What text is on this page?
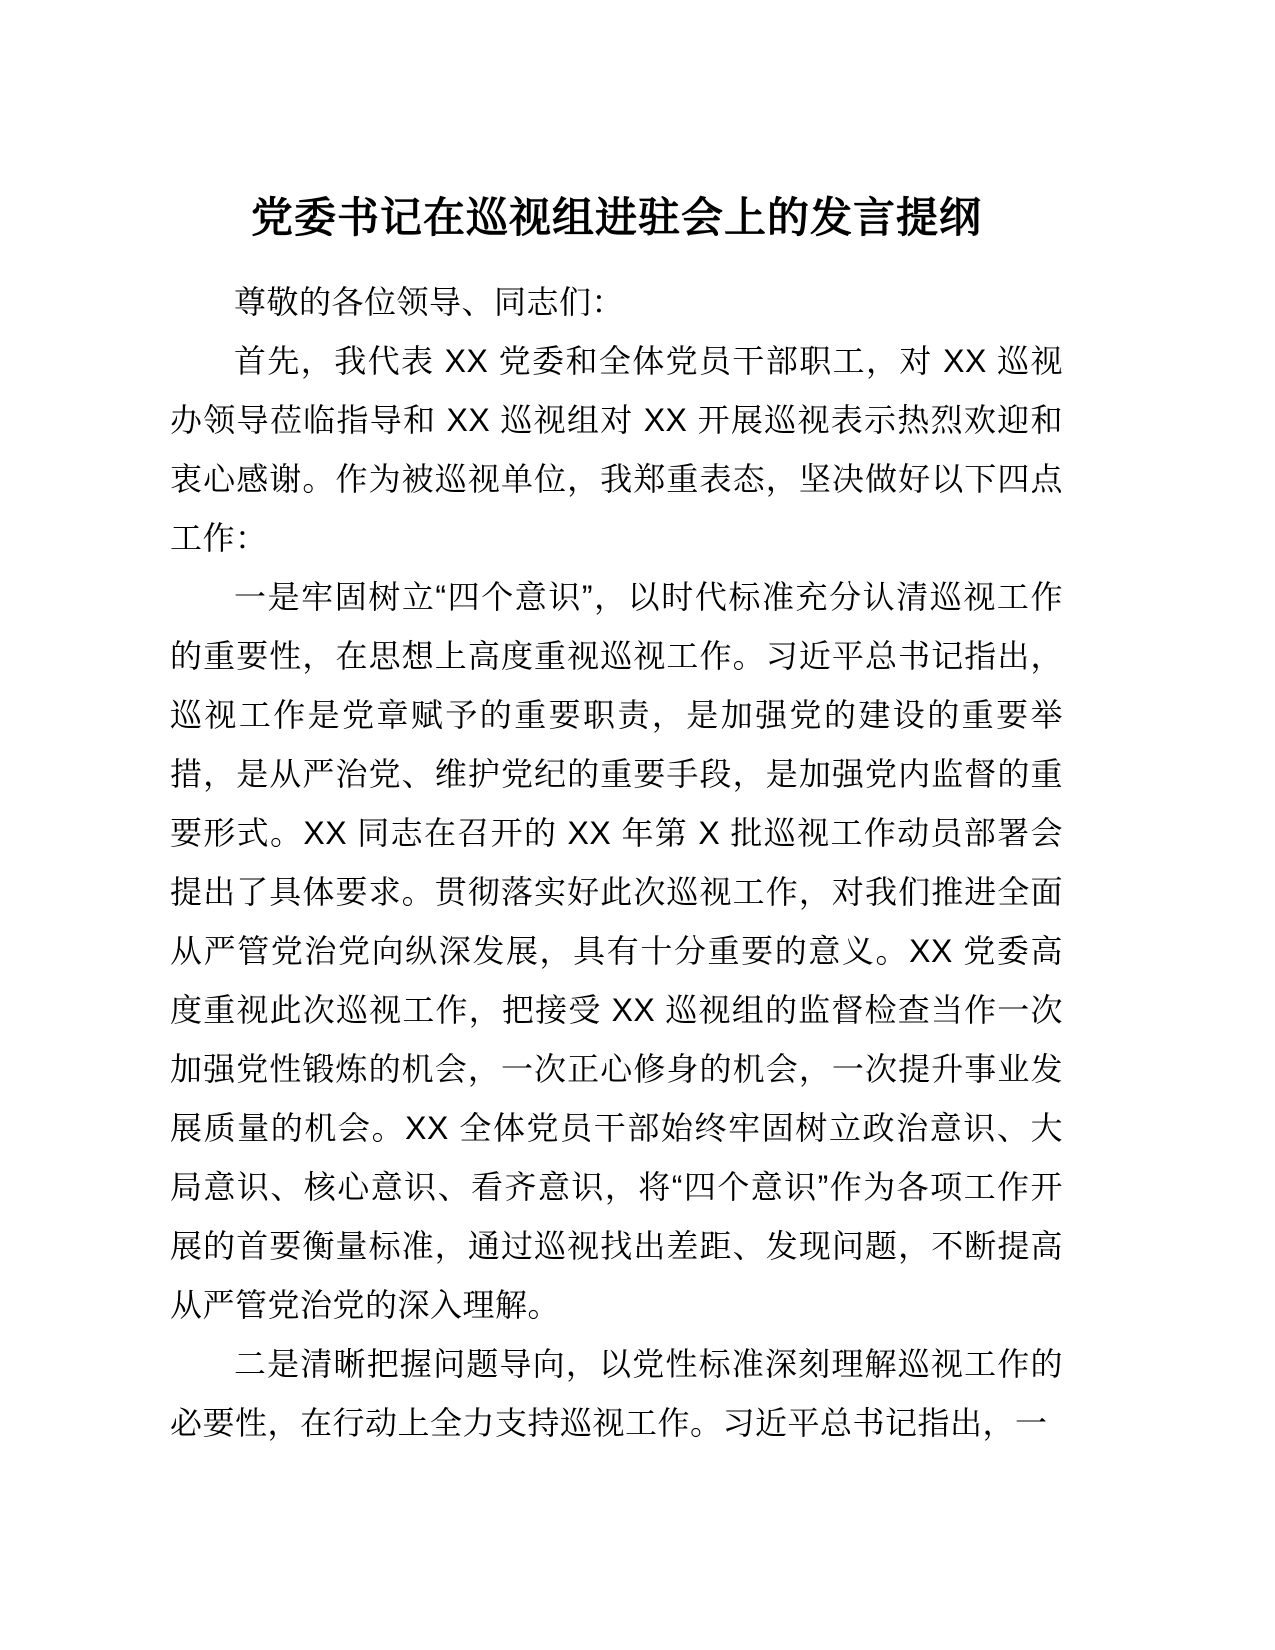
党委书记在巡视组进驻会上的发言提纲

尊敬的各位领导、同志们：

首先，我代表 XX 党委和全体党员干部职工，对 XX 巡视办领导莅临指导和 XX 巡视组对 XX 开展巡视表示热烈欢迎和衷心感谢。作为被巡视单位，我郑重表态，坚决做好以下四点工作：

一是牢固树立“四个意识”，以时代标准充分认清巡视工作的重要性，在思想上高度重视巡视工作。习近平总书记指出，巡视工作是党章赋予的重要职责，是加强党的建设的重要举措，是从严治党、维护党纪的重要手段，是加强党内监督的重要形式。XX 同志在召开的 XX 年第 X 批巡视工作动员部署会提出了具体要求。贯彻落实好此次巡视工作，对我们推进全面从严管党治党向纵深发展，具有十分重要的意义。XX 党委高度重视此次巡视工作，把接受 XX 巡视组的监督检查当作一次加强党性锻炼的机会，一次正心修身的机会，一次提升事业发展质量的机会。XX 全体党员干部始终牢固树立政治意识、大局意识、核心意识、看齐意识，将“四个意识”作为各项工作开展的首要衡量标准，通过巡视找出差距、发现问题，不断提高从严管党治党的深入理解。

二是清晰把握问题导向，以党性标准深刻理解巡视工作的必要性，在行动上全力支持巡视工作。习近平总书记指出，一
